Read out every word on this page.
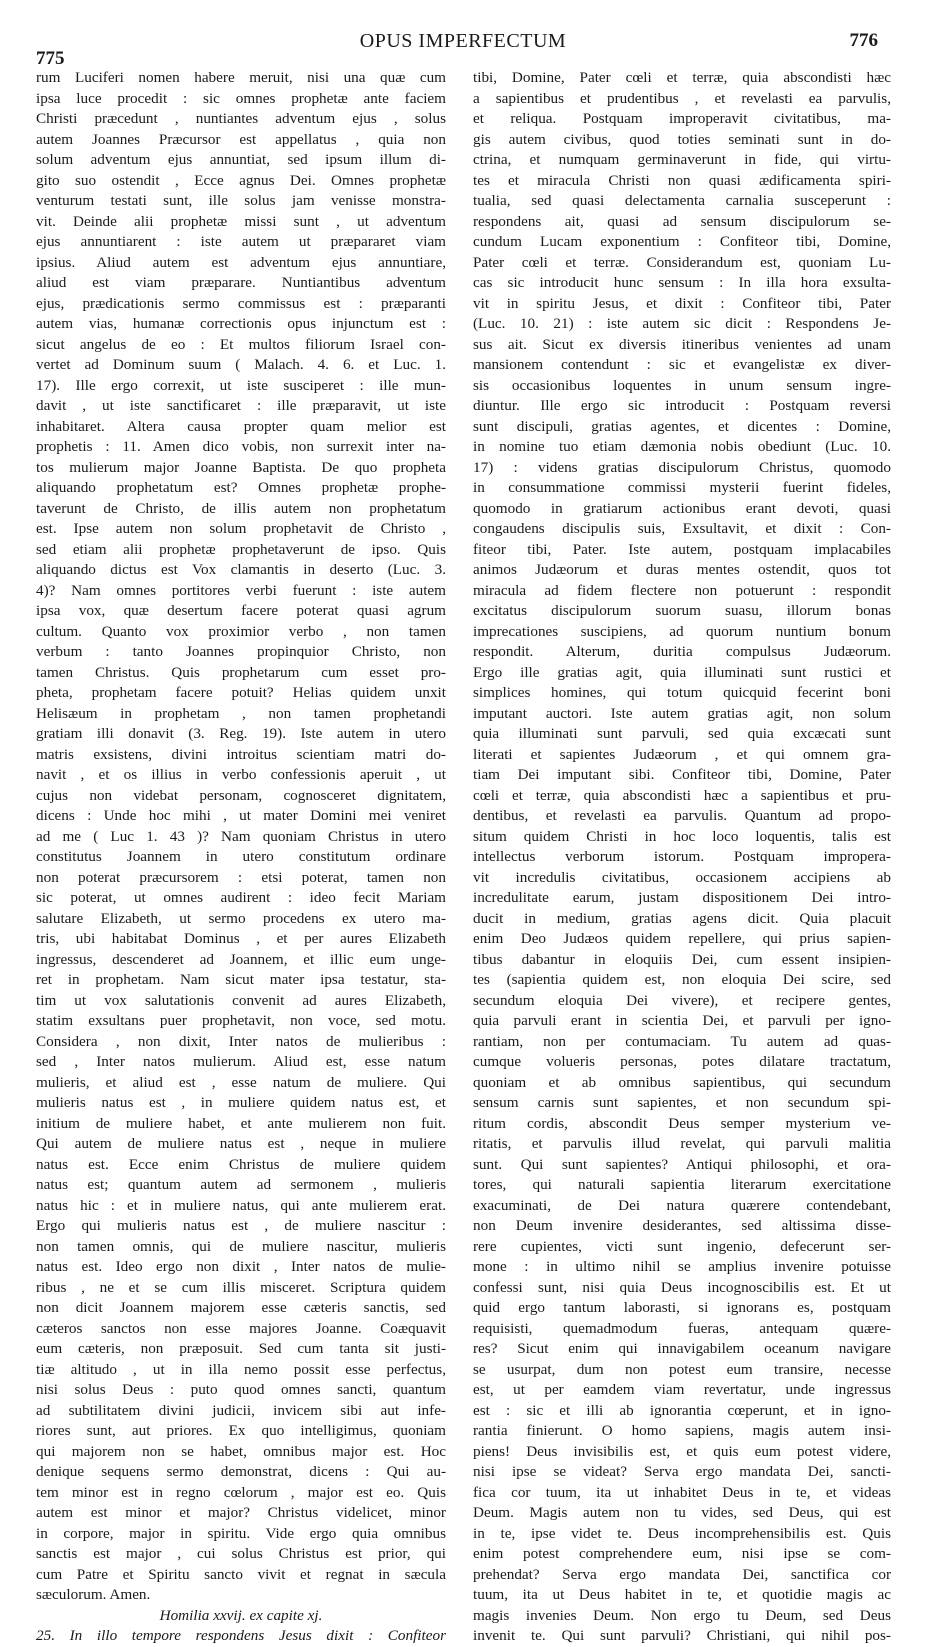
775
OPUS IMPERFECTUM	776
rum Luciferi nomen habere meruit, nisi una quæ cum
ipsa luce procedit : sic omnes prophetæ ante faciem
Christi præcedunt , nuntiantes adventum ejus , solus
autem Joannes Præcursor est appellatus , quia non
solum adventum ejus annuntiat, sed ipsum illum di-
gito suo ostendit , Ecce agnus Dei. Omnes prophetæ
venturum testati sunt, ille solus jam venisse monstra-
vit. Deinde alii prophetæ missi sunt , ut adventum
ejus annuntiarent : iste autem ut præpararet viam
ipsius. Aliud autem est adventum ejus annuntiare,
aliud est viam præparare. Nuntiantibus adventum
ejus, prædicationis sermo commissus est : præparanti
autem vias, humanæ correctionis opus injunctum est :
sicut angelus de eo : Et multos filiorum Israel con-
vertet ad Dominum suum ( Malach. 4. 6. et Luc. 1.
17). Ille ergo correxit, ut iste susciperet : ille mun-
davit , ut iste sanctificaret : ille præparavit, ut iste
inhabitaret. Altera causa propter quam melior est
prophetis : 11. Amen dico vobis, non surrexit inter na-
tos mulierum major Joanne Baptista. De quo propheta
aliquando prophetatum est? Omnes prophetæ prophe-
taverunt de Christo, de illis autem non prophetatum
est. Ipse autem non solum prophetavit de Christo ,
sed etiam alii prophetæ prophetaverunt de ipso. Quis
aliquando dictus est Vox clamantis in deserto (Luc. 3.
4)? Nam omnes portitores verbi fuerunt : iste autem
ipsa vox, quæ desertum facere poterat quasi agrum
cultum. Quanto vox proximior verbo , non tamen
verbum : tanto Joannes propinquior Christo, non
tamen Christus. Quis prophetarum cum esset pro-
pheta, prophetam facere potuit? Helias quidem unxit
Helisæum in prophetam , non tamen prophetandi
gratiam illi donavit (3. Reg. 19). Iste autem in utero
matris exsistens, divini introitus scientiam matri do-
navit , et os illius in verbo confessionis aperuit , ut
cujus non videbat personam, cognosceret dignitatem,
dicens : Unde hoc mihi , ut mater Domini mei veniret
ad me ( Luc 1. 43 )? Nam quoniam Christus in utero
constitutus Joannem in utero constitutum ordinare
non poterat præcursorem : etsi poterat, tamen non
sic poterat, ut omnes audirent : ideo fecit Mariam
salutare Elizabeth, ut sermo procedens ex utero ma-
tris, ubi habitabat Dominus , et per aures Elizabeth
ingressus, descenderet ad Joannem, et illic eum unge-
ret in prophetam. Nam sicut mater ipsa testatur, sta-
tim ut vox salutationis convenit ad aures Elizabeth,
statim exsultans puer prophetavit, non voce, sed motu.
Considera , non dixit, Inter natos de mulieribus :
sed , Inter natos mulierum. Aliud est, esse natum
mulieris, et aliud est , esse natum de muliere. Qui
mulieris natus est , in muliere quidem natus est, et
initium de muliere habet, et ante mulierem non fuit.
Qui autem de muliere natus est , neque in muliere
natus est. Ecce enim Christus de muliere quidem
natus est; quantum autem ad sermonem , mulieris
natus hic : et in muliere natus, qui ante mulierem erat.
Ergo qui mulieris natus est , de muliere nascitur :
non tamen omnis, qui de muliere nascitur, mulieris
natus est. Ideo ergo non dixit , Inter natos de mulie-
ribus , ne et se cum illis misceret. Scriptura quidem
non dicit Joannem majorem esse cæteris sanctis, sed
cæteros sanctos non esse majores Joanne. Coæquavit
eum cæteris, non præposuit. Sed cum tanta sit justi-
tiæ altitudo , ut in illa nemo possit esse perfectus,
nisi solus Deus : puto quod omnes sancti, quantum
ad subtilitatem divini judicii, invicem sibi aut infe-
riores sunt, aut priores. Ex quo intelligimus, quoniam
qui majorem non se habet, omnibus major est. Hoc
denique sequens sermo demonstrat, dicens : Qui au-
tem minor est in regno cœlorum , major est eo. Quis
autem est minor et major? Christus videlicet, minor
in corpore, major in spiritu. Vide ergo quia omnibus
sanctis est major , cui solus Christus est prior, qui
cum Patre et Spiritu sancto vivit et regnat in sæcula
sæculorum. Amen.
Homilia xxvij. ex capite xj.
25. In illo tempore respondens Jesus dixit : Confiteor
tibi, Domine, Pater cœli et terræ, quia abscondisti hæc
a sapientibus et prudentibus , et revelasti ea parvulis,
et reliqua. Postquam improperavit civitatibus, ma-
gis autem civibus, quod toties seminati sunt in do-
ctrina, et numquam germinaverunt in fide, qui virtu-
tes et miracula Christi non quasi ædificamenta spiri-
tualia, sed quasi delectamenta carnalia susceperunt :
respondens ait, quasi ad sensum discipulorum se-
cundum Lucam exponentium : Confiteor tibi, Domine,
Pater cœli et terræ. Considerandum est, quoniam Lu-
cas sic introducit hunc sensum : In illa hora exsulta-
vit in spiritu Jesus, et dixit : Confiteor tibi, Pater
(Luc. 10. 21) : iste autem sic dicit : Respondens Je-
sus ait. Sicut ex diversis itineribus venientes ad unam
mansionem contendunt : sic et evangelistæ ex diver-
sis occasionibus loquentes in unum sensum ingre-
diuntur. Ille ergo sic introducit : Postquam reversi
sunt discipuli, gratias agentes, et dicentes : Domine,
in nomine tuo etiam dæmonia nobis obediunt (Luc. 10.
17) : videns gratias discipulorum Christus, quomodo
in consummatione commissi mysterii fuerint fideles,
quomodo in gratiarum actionibus erant devoti, quasi
congaudens discipulis suis, Exsultavit, et dixit : Con-
fiteor tibi, Pater. Iste autem, postquam implacabiles
animos Judæorum et duras mentes ostendit, quos tot
miracula ad fidem flectere non potuerunt : respondit
excitatus discipulorum suorum suasu, illorum bonas
imprecationes suscipiens, ad quorum nuntium bonum
respondit. Alterum, duritia compulsus Judæorum.
Ergo ille gratias agit, quia illuminati sunt rustici et
simplices homines, qui totum quicquid fecerint boni
imputant auctori. Iste autem gratias agit, non solum
quia illuminati sunt parvuli, sed quia excæcati sunt
literati et sapientes Judæorum , et qui omnem gra-
tiam Dei imputant sibi. Confiteor tibi, Domine, Pater
cœli et terræ, quia abscondisti hæc a sapientibus et pru-
dentibus, et revelasti ea parvulis. Quantum ad propo-
situm quidem Christi in hoc loco loquentis, talis est
intellectus verborum istorum. Postquam impropera-
vit incredulis civitatibus, occasionem accipiens ab
incredulitate earum, justam dispositionem Dei intro-
ducit in medium, gratias agens dicit. Quia placuit
enim Deo Judæos quidem repellere, qui prius sapien-
tibus dabantur in eloquiis Dei, cum essent insipien-
tes (sapientia quidem est, non eloquia Dei scire, sed
secundum eloquia Dei vivere), et recipere gentes,
quia parvuli erant in scientia Dei, et parvuli per igno-
rantiam, non per contumaciam. Tu autem ad quas-
cumque volueris personas, potes dilatare tractatum,
quoniam et ab omnibus sapientibus, qui secundum
sensum carnis sunt sapientes, et non secundum spi-
ritum cordis, abscondit Deus semper mysterium ve-
ritatis, et parvulis illud revelat, qui parvuli malitia
sunt. Qui sunt sapientes? Antiqui philosophi, et ora-
tores, qui naturali sapientia literarum exercitatione
exacuminati, de Dei natura quærere contendebant,
non Deum invenire desiderantes, sed altissima disse-
rere cupientes, victi sunt ingenio, defecerunt ser-
mone : in ultimo nihil se amplius invenire potuisse
confessi sunt, nisi quia Deus incognoscibilis est. Et ut
quid ergo tantum laborasti, si ignorans es, postquam
requisisti, quemadmodum fueras, antequam quære-
res? Sicut enim qui innavigabilem oceanum navigare
se usurpat, dum non potest eum transire, necesse
est, ut per eamdem viam revertatur, unde ingressus
est : sic et illi ab ignorantia cœperunt, et in igno-
rantia finierunt. O homo sapiens, magis autem insi-
piens! Deus invisibilis est, et quis eum potest videre,
nisi ipse se videat? Serva ergo mandata Dei, sancti-
fica cor tuum, ita ut inhabitet Deus in te, et videas
Deum. Magis autem non tu vides, sed Deus, qui est
in te, ipse videt te. Deus incomprehensibilis est. Quis
enim potest comprehendere eum, nisi ipse se com-
prehendat? Serva ergo mandata Dei, sanctifica cor
tuum, ita ut Deus habitet in te, et quotidie magis ac
magis invenies Deum. Non ergo tu Deum, sed Deus
invenit te. Qui sunt parvuli? Christiani, qui nihil pos-
